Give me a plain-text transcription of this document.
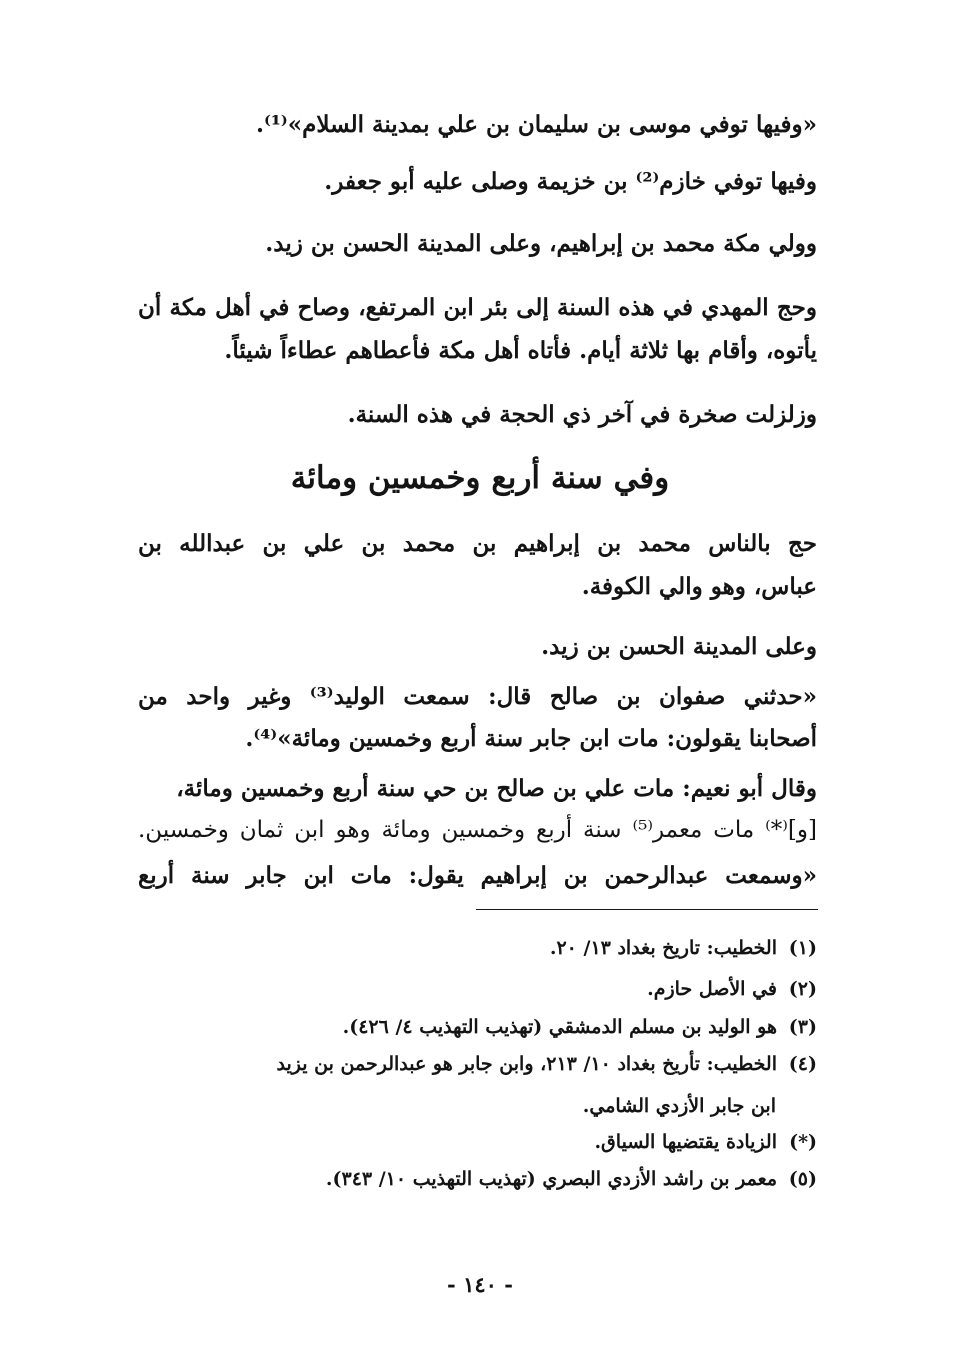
«وفيها توفي موسى بن سليمان بن علي بمدينة السلام»⁽¹⁾.
وفيها توفي خازم⁽²⁾ بن خزيمة وصلى عليه أبو جعفر.
وولي مكة محمد بن إبراهيم، وعلى المدينة الحسن بن زيد.
وحج المهدي في هذه السنة إلى بئر ابن المرتفع، وصاح في أهل مكة أن
يأتوه، وأقام بها ثلاثة أيام. فأتاه أهل مكة فأعطاهم عطاءاً شيئاً.
وزلزلت صخرة في آخر ذي الحجة في هذه السنة.
وفي سنة أربع وخمسين ومائة
حج بالناس محمد بن إبراهيم بن محمد بن علي بن عبدالله بن
عباس، وهو والي الكوفة.
وعلى المدينة الحسن بن زيد.
«حدثني صفوان بن صالح قال: سمعت الوليد⁽³⁾ وغير واحد من
أصحابنا يقولون: مات ابن جابر سنة أربع وخمسين ومائة»⁽⁴⁾.
وقال أبو نعيم: مات علي بن صالح بن حي سنة أربع وخمسين ومائة،
[و]⁽*⁾ مات معمر⁽⁵⁾ سنة أربع وخمسين ومائة وهو ابن ثمان وخمسين.
«وسمعت عبدالرحمن بن إبراهيم يقول: مات ابن جابر سنة أربع
(١)الخطيب: تاريخ بغداد ١٣/ ٢٠.
(٢)في الأصل حازم.
(٣)هو الوليد بن مسلم الدمشقي (تهذيب التهذيب ٤/ ٤٢٦).
(٤)الخطيب: تأريخ بغداد ١٠/ ٢١٣، وابن جابر هو عبدالرحمن بن يزيد
ابن جابر الأزدي الشامي.
(*)الزيادة يقتضيها السياق.
(٥)معمر بن راشد الأزدي البصري (تهذيب التهذيب ١٠/ ٣٤٣).
- ١٤٠ -
